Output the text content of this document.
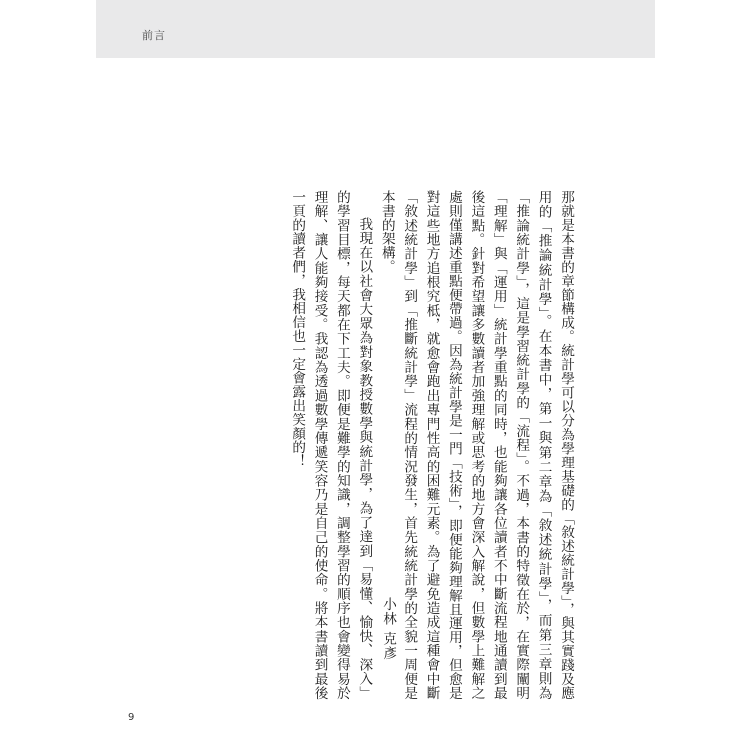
前言

那就是本書的章節構成。統計學可以分為學理基礎的「敘述統計學」，與其實踐及應用的「推論統計學」。在本書中，第一與第二章為「敘述統計學」，而第三章則為「推論統計學」，這是學習統計學的「流程」。不過，本書的特徵在於，在實際闡明「理解」與「運用」統計學重點的同時，也能夠讓各位讀者不中斷流程地通讀到最後這點。針對希望讓多數讀者加強理解或思考的地方會深入解說，但數學上難解之處則僅講述重點便帶過。因為統計學是一門「技術」，即便能夠理解且運用，但愈是對這些地方追根究柢，就愈會跑出專門性高的困難元素。為了避免造成這種會中斷「敘述統計學」到「推斷統計學」流程的情況發生，首先統統計學的全貌一周便是本書的架構。

我現在以社會大眾為對象教授數學與統計學，為了達到「易懂、愉快、深入」的學習目標，每天都在下工夫。即便是難學的知識，調整學習的順序也會變得易於理解、讓人能夠接受。我認為透過數學傳遞笑容乃是自己的使命。將本書讀到最後一頁的讀者們，我相信也一定會露出笑顏的！

小林 克彥
9
